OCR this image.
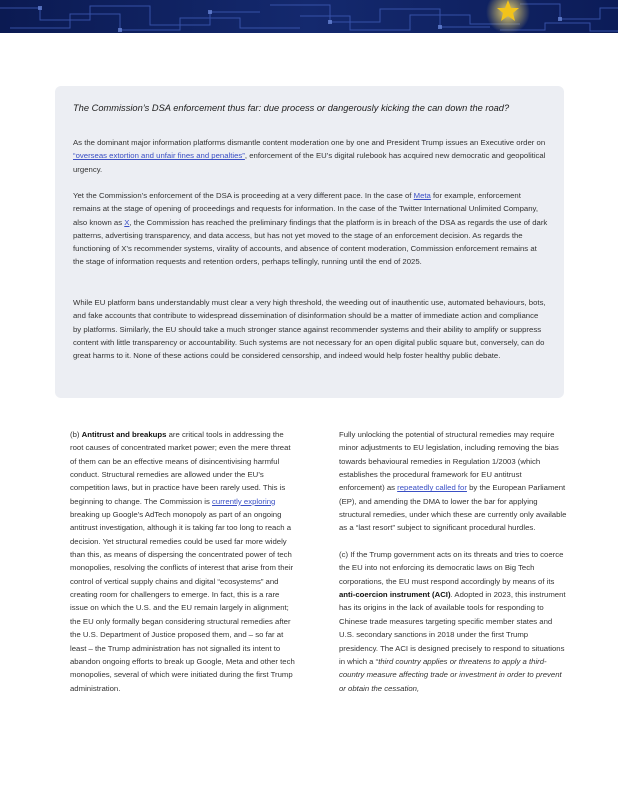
The Commission’s DSA enforcement thus far: due process or dangerously kicking the can down the road?

As the dominant major information platforms dismantle content moderation one by one and President Trump issues an Executive order on “overseas extortion and unfair fines and penalties”, enforcement of the EU’s digital rulebook has acquired new democratic and geopolitical urgency.

Yet the Commission’s enforcement of the DSA is proceeding at a very different pace. In the case of Meta for example, enforcement remains at the stage of opening of proceedings and requests for information. In the case of the Twitter International Unlimited Company, also known as X, the Commission has reached the preliminary findings that the platform is in breach of the DSA as regards the use of dark patterns, advertising transparency, and data access, but has not yet moved to the stage of an enforcement decision. As regards the functioning of X’s recommender systems, virality of accounts, and absence of content moderation, Commission enforcement remains at the stage of information requests and retention orders, perhaps tellingly, running until the end of 2025.

While EU platform bans understandably must clear a very high threshold, the weeding out of inauthentic use, automated behaviours, bots, and fake accounts that contribute to widespread dissemination of disinformation should be a matter of immediate action and compliance by platforms. Similarly, the EU should take a much stronger stance against recommender systems and their ability to amplify or suppress content with little transparency or accountability. Such systems are not necessary for an open digital public square but, conversely, can do great harms to it. None of these actions could be considered censorship, and indeed would help foster healthy public debate.

(b) Antitrust and breakups are critical tools in addressing the root causes of concentrated market power; even the mere threat of them can be an effective means of disincentivising harmful conduct. Structural remedies are allowed under the EU’s competition laws, but in practice have been rarely used. This is beginning to change. The Commission is currently exploring breaking up Google’s AdTech monopoly as part of an ongoing antitrust investigation, although it is taking far too long to reach a decision. Yet structural remedies could be used far more widely than this, as means of dispersing the concentrated power of tech monopolies, resolving the conflicts of interest that arise from their control of vertical supply chains and digital “ecosystems” and creating room for challengers to emerge. In fact, this is a rare issue on which the U.S. and the EU remain largely in alignment; the EU only formally began considering structural remedies after the U.S. Department of Justice proposed them, and – so far at least – the Trump administration has not signalled its intent to abandon ongoing efforts to break up Google, Meta and other tech monopolies, several of which were initiated during the first Trump administration.

Fully unlocking the potential of structural remedies may require minor adjustments to EU legislation, including removing the bias towards behavioural remedies in Regulation 1/2003 (which establishes the procedural framework for EU antitrust enforcement) as repeatedly called for by the European Parliament (EP), and amending the DMA to lower the bar for applying structural remedies, under which these are currently only available as a “last resort” subject to significant procedural hurdles.

(c) If the Trump government acts on its threats and tries to coerce the EU into not enforcing its democratic laws on Big Tech corporations, the EU must respond accordingly by means of its anti-coercion instrument (ACI). Adopted in 2023, this instrument has its origins in the lack of available tools for responding to Chinese trade measures targeting specific member states and U.S. secondary sanctions in 2018 under the first Trump presidency. The ACI is designed precisely to respond to situations in which a “third country applies or threatens to apply a third-country measure affecting trade or investment in order to prevent or obtain the cessation,
